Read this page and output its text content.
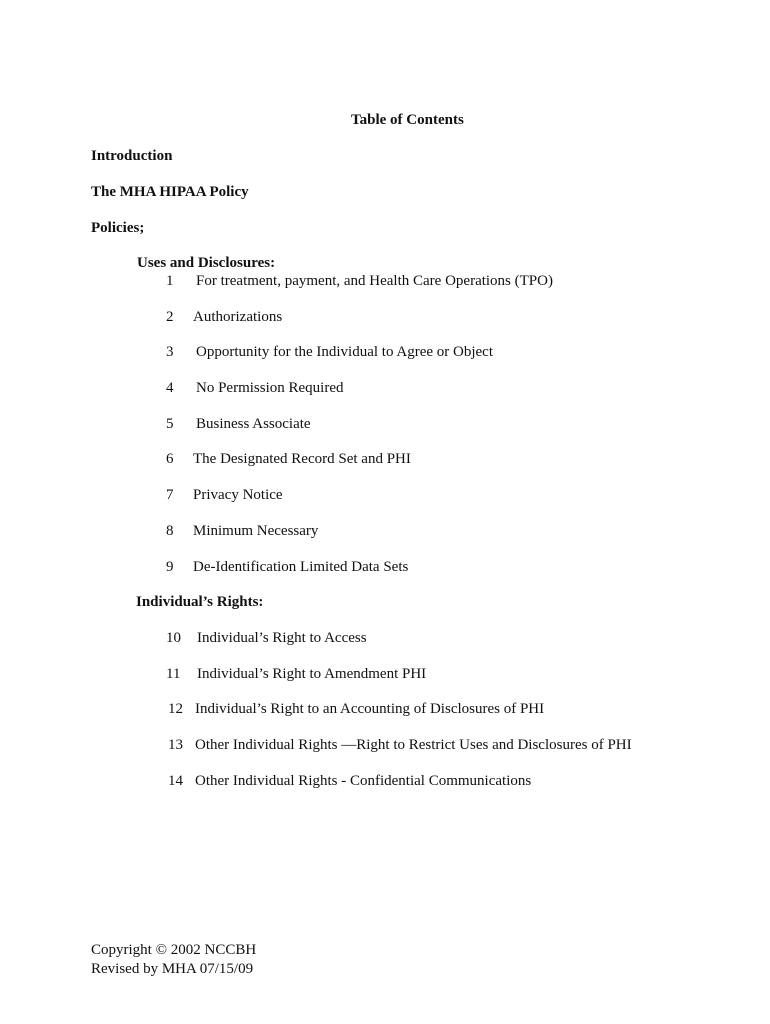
Table of Contents
Introduction
The MHA HIPAA Policy
Policies;
Uses and Disclosures:
1 For treatment, payment, and Health Care Operations (TPO)
2 Authorizations
3 Opportunity for the Individual to Agree or Object
4 No Permission Required
5 Business Associate
6 The Designated Record Set and PHI
7 Privacy Notice
8 Minimum Necessary
9 De-Identification Limited Data Sets
Individual’s Rights:
10 Individual’s Right to Access
11 Individual’s Right to Amendment PHI
12 Individual’s Right to an Accounting of Disclosures of PHI
13 Other Individual Rights —Right to Restrict Uses and Disclosures of PHI
14 Other Individual Rights - Confidential Communications
Copyright © 2002 NCCBH
Revised by MHA 07/15/09
